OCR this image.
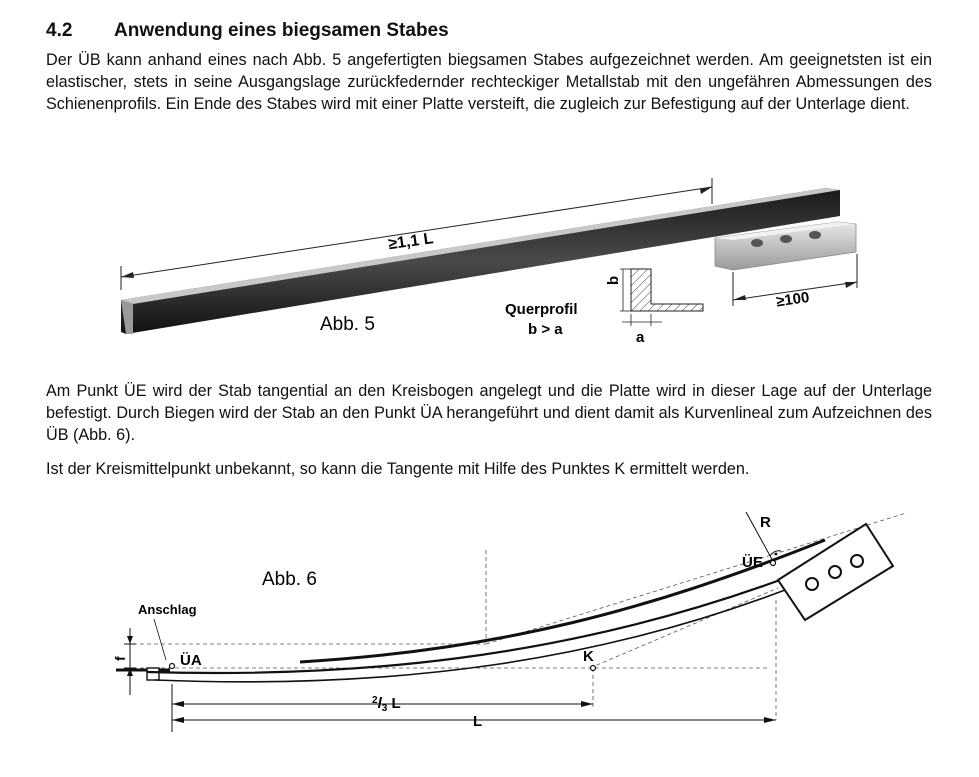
4.2 Anwendung eines biegsamen Stabes

Der ÜB kann anhand eines nach Abb. 5 angefertigten biegsamen Stabes aufgezeichnet werden. Am geeignetsten ist ein elastischer, stets in seine Ausgangslage zurückfedernder rechteckiger Metallstab mit den ungefähren Abmessungen des Schienenprofils. Ein Ende des Stabes wird mit einer Platte versteift, die zugleich zur Befestigung auf der Unterlage dient.

≥1,1 L
≥100
Abb. 5
b
a
Querprofil
b > a

Am Punkt ÜE wird der Stab tangential an den Kreisbogen angelegt und die Platte wird in dieser Lage auf der Unterlage befestigt. Durch Biegen wird der Stab an den Punkt ÜA herangeführt und dient damit als Kurvenlineal zum Aufzeichnen des ÜB (Abb. 6).

Ist der Kreismittelpunkt unbekannt, so kann die Tangente mit Hilfe des Punktes K ermittelt werden.

f
Anschlag
ÜA	K
ÜE
R
Abb. 6
$^2l_3$ L
L
